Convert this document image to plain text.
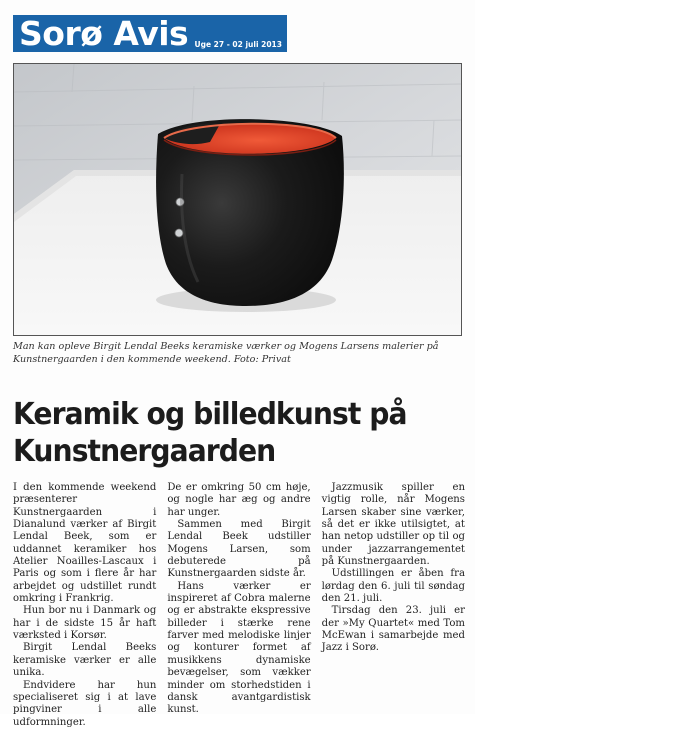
Sorø Avis Uge 27 - 02 juli 2013
Man kan opleve Birgit Lendal Beeks keramiske værker og Mogens Larsens malerier på Kunstnergaarden i den kommende weekend. Foto: Privat
Keramik og billedkunst på Kunstnergaarden

I den kommende weekend præsenterer Kunstnergaarden i Dianalund værker af Birgit Lendal Beek, som er uddannet keramiker hos Atelier Noailles-Lascaux i Paris og som i flere år har arbejdet og udstillet rundt omkring i Frankrig.

Hun bor nu i Danmark og har i de sidste 15 år haft værksted i Korsør.

Birgit Lendal Beeks keramiske værker er alle unika.

Endvidere har hun specialiseret sig i at lave pingviner i alle udformninger.

De er omkring 50 cm høje, og nogle har æg og andre har unger.

Sammen med Birgit Lendal Beek udstiller Mogens Larsen, som debuterede på Kunstnergaarden sidste år.

Hans værker er inspireret af Cobra malerne og er abstrakte ekspressive billeder i stærke rene farver med melodiske linjer og konturer formet af musikkens dynamiske bevægelser, som vækker minder om storhedstiden i dansk avantgardistisk kunst.

Jazzmusik spiller en vigtig rolle, når Mogens Larsen skaber sine værker, så det er ikke utilsigtet, at han netop udstiller op til og under jazzarrangementet på Kunstnergaarden.

Udstillingen er åben fra lørdag den 6. juli til søndag den 21. juli.

Tirsdag den 23. juli er der »My Quartet« med Tom McEwan i samarbejde med Jazz i Sorø.
